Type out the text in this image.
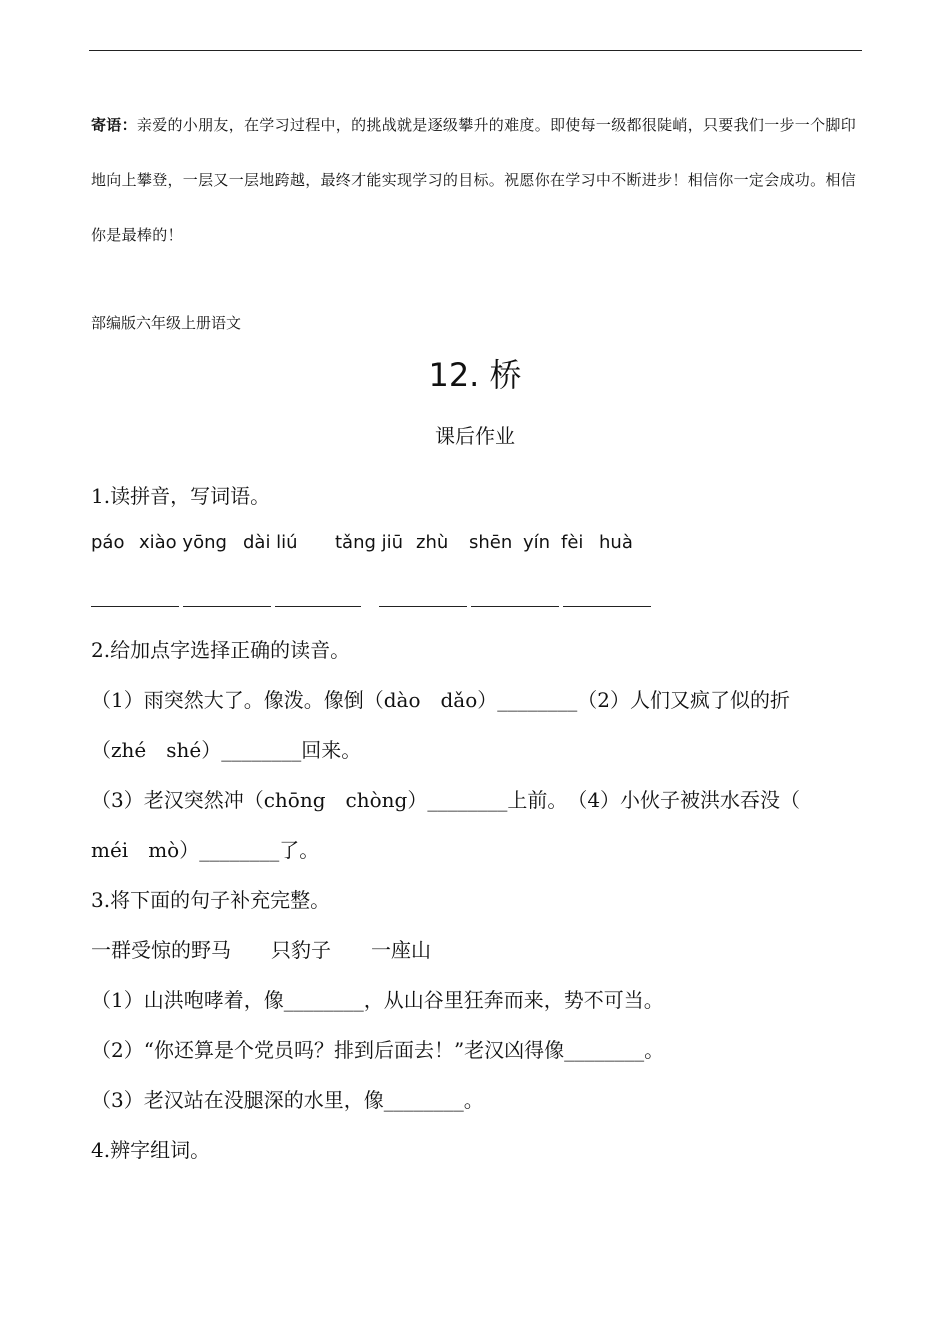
寄语：亲爱的小朋友，在学习过程中，的挑战就是逐级攀升的难度。即使每一级都很陡峭，只要我们一步一个脚印地向上攀登，一层又一层地跨越，最终才能实现学习的目标。祝愿你在学习中不断进步！相信你一定会成功。相信你是最棒的！
部编版六年级上册语文
12. 桥
课后作业
1.读拼音，写词语。
páo xiào yōng dài liú tǎng jiū zhù shēn yín fèi huà
2.给加点字选择正确的读音。
（1）雨突然大了。像泼。像倒（dào　dǎo）________（2）人们又疯了似的折
（zhé　shé）________回来。
（3）老汉突然冲（chōng　chòng）________上前。　（4）小伙子被洪水吞没（
méi　mò）________了。
3.将下面的句子补充完整。
一群受惊的野马　　只豹子　　一座山
（1）山洪咆哮着，像________，从山谷里狂奔而来，势不可当。
（2）“你还算是个党员吗？排到后面去！”老汉凶得像________。
（3）老汉站在没腿深的水里，像________。
4.辨字组词。
